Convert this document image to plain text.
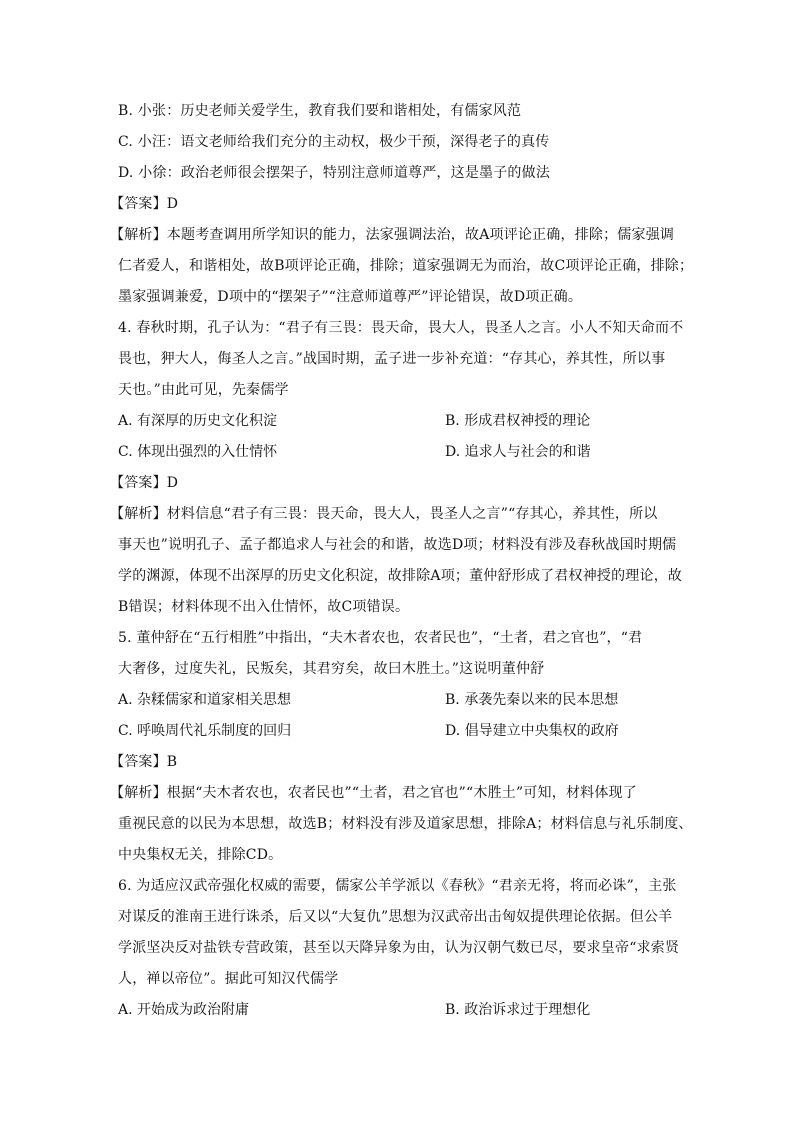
B. 小张：历史老师关爱学生，教育我们要和谐相处，有儒家风范
C. 小汪：语文老师给我们充分的主动权，极少干预，深得老子的真传
D. 小徐：政治老师很会摆架子，特别注意师道尊严，这是墨子的做法
【答案】D
【解析】本题考查调用所学知识的能力，法家强调法治，故A项评论正确，排除；儒家强调
仁者爱人，和谐相处，故B项评论正确，排除；道家强调无为而治，故C项评论正确，排除；
墨家强调兼爱，D项中的“摆架子”“注意师道尊严”评论错误，故D项正确。
4. 春秋时期，孔子认为：“君子有三畏：畏天命，畏大人，畏圣人之言。小人不知天命而不
畏也，狎大人，侮圣人之言。”战国时期，孟子进一步补充道：“存其心，养其性，所以事
天也。”由此可见，先秦儒学
A. 有深厚的历史文化积淀	B. 形成君权神授的理论
C. 体现出强烈的入仕情怀	D. 追求人与社会的和谐
【答案】D
【解析】材料信息“君子有三畏：畏天命，畏大人，畏圣人之言”“存其心，养其性，所以
事天也”说明孔子、孟子都追求人与社会的和谐，故选D项；材料没有涉及春秋战国时期儒
学的渊源，体现不出深厚的历史文化积淀，故排除A项；董仲舒形成了君权神授的理论，故
B错误；材料体现不出入仕情怀，故C项错误。
5. 董仲舒在“五行相胜”中指出，“夫木者农也，农者民也”，“土者，君之官也”，“君
大奢侈，过度失礼，民叛矣，其君穷矣，故曰木胜土。”这说明董仲舒
A. 杂糅儒家和道家相关思想	B. 承袭先秦以来的民本思想
C. 呼唤周代礼乐制度的回归	D. 倡导建立中央集权的政府
【答案】B
【解析】根据“夫木者农也，农者民也”“土者，君之官也”“木胜土”可知，材料体现了
重视民意的以民为本思想，故选B；材料没有涉及道家思想，排除A；材料信息与礼乐制度、
中央集权无关，排除CD。
6. 为适应汉武帝强化权威的需要，儒家公羊学派以《春秋》“君亲无将，将而必诛”，主张
对谋反的淮南王进行诛杀，后又以“大复仇”思想为汉武帝出击匈奴提供理论依据。但公羊
学派坚决反对盐铁专营政策，甚至以天降异象为由，认为汉朝气数已尽，要求皇帝“求索贤
人，禅以帝位”。据此可知汉代儒学
A. 开始成为政治附庸	B. 政治诉求过于理想化
